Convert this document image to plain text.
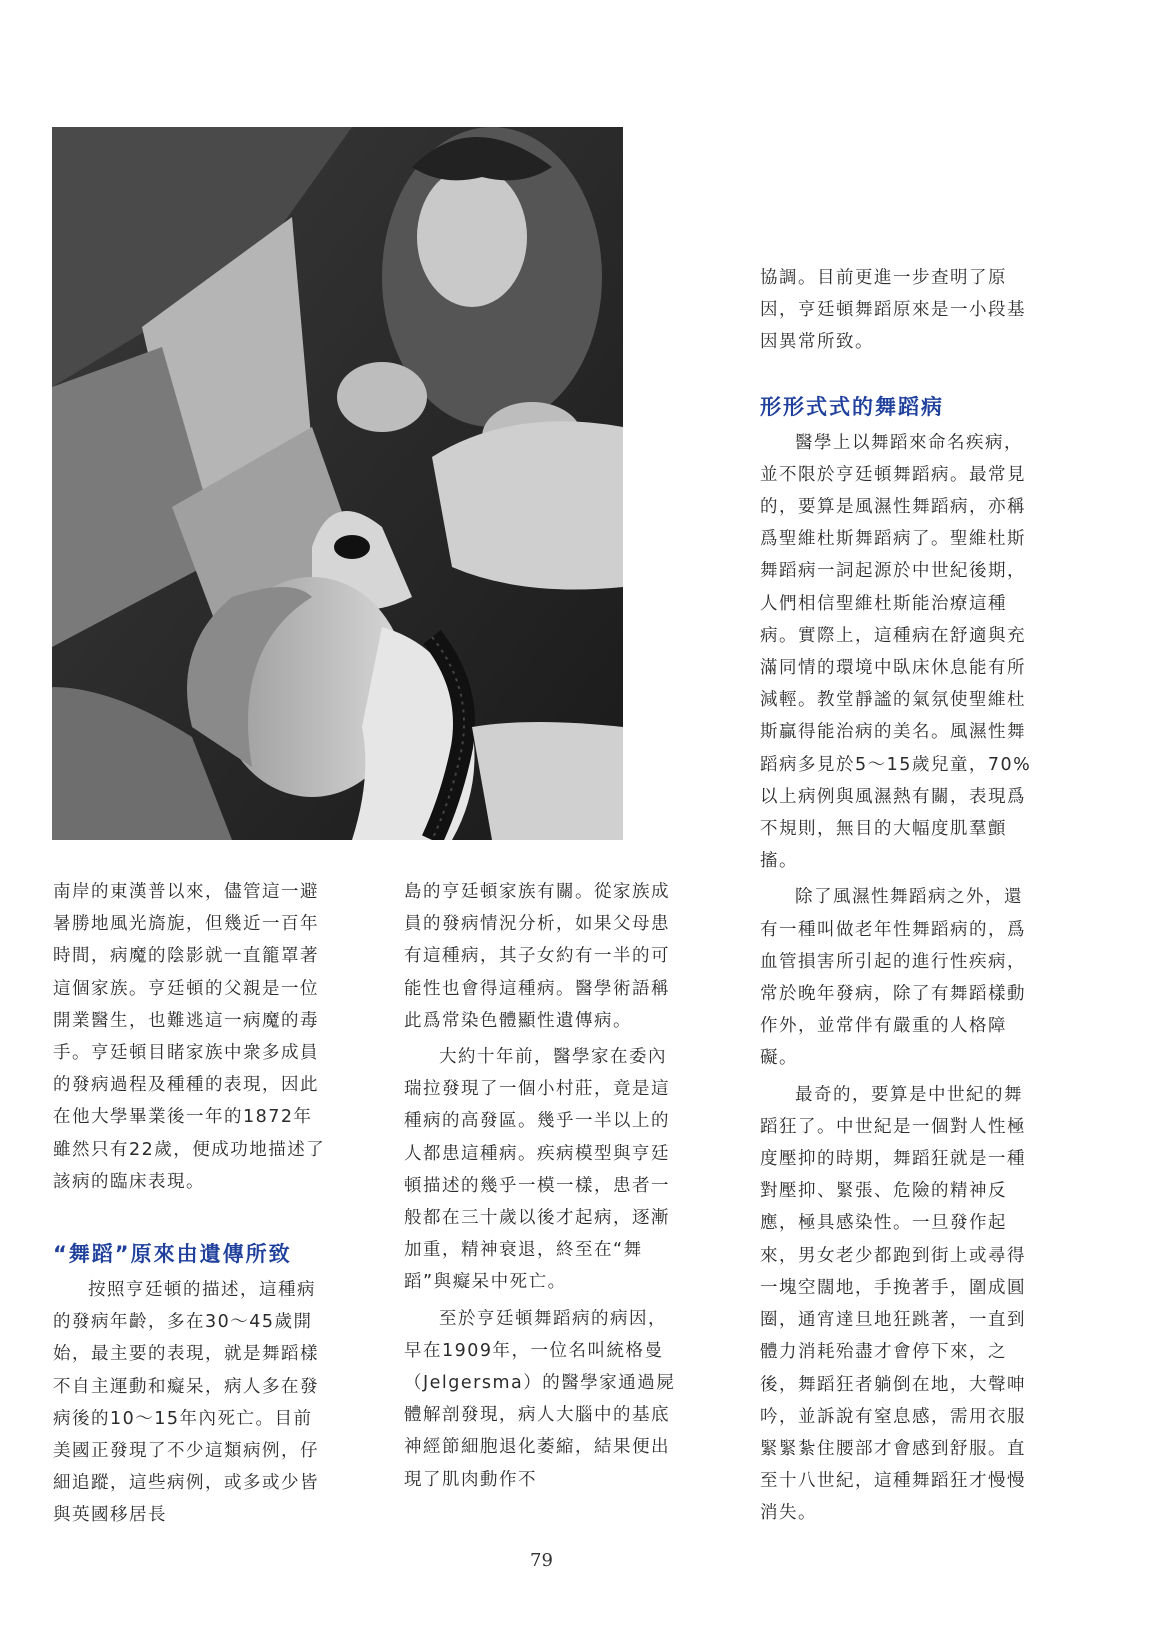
南岸的東漢普以來，儘管這一避暑勝地風光旖旎，但幾近一百年時間，病魔的陰影就一直籠罩著這個家族。亨廷頓的父親是一位開業醫生，也難逃這一病魔的毒手。亨廷頓目睹家族中衆多成員的發病過程及種種的表現，因此在他大學畢業後一年的1872年雖然只有22歲，便成功地描述了該病的臨床表現。

“舞蹈”原來由遺傳所致

按照亨廷頓的描述，這種病的發病年齡，多在30～45歲開始，最主要的表現，就是舞蹈樣不自主運動和癡呆，病人多在發病後的10～15年內死亡。目前美國正發現了不少這類病例，仔細追蹤，這些病例，或多或少皆與英國移居長

島的亨廷頓家族有關。從家族成員的發病情況分析，如果父母患有這種病，其子女約有一半的可能性也會得這種病。醫學術語稱此爲常染色體顯性遺傳病。

大約十年前，醫學家在委內瑞拉發現了一個小村莊，竟是這種病的高發區。幾乎一半以上的人都患這種病。疾病模型與亨廷頓描述的幾乎一模一樣，患者一般都在三十歲以後才起病，逐漸加重，精神衰退，終至在“舞蹈”與癡呆中死亡。

至於亨廷頓舞蹈病的病因，早在1909年，一位名叫統格曼（Jelgersma）的醫學家通過屍體解剖發現，病人大腦中的基底神經節細胞退化萎縮，結果便出現了肌肉動作不

協調。目前更進一步查明了原因，亨廷頓舞蹈原來是一小段基因異常所致。

形形式式的舞蹈病

醫學上以舞蹈來命名疾病，並不限於亨廷頓舞蹈病。最常見的，要算是風濕性舞蹈病，亦稱爲聖維杜斯舞蹈病了。聖維杜斯舞蹈病一詞起源於中世紀後期，人們相信聖維杜斯能治療這種病。實際上，這種病在舒適與充滿同情的環境中臥床休息能有所減輕。教堂靜謐的氣氛使聖維杜斯贏得能治病的美名。風濕性舞蹈病多見於5～15歲兒童，70%以上病例與風濕熱有關，表現爲不規則，無目的大幅度肌羣顫搐。

除了風濕性舞蹈病之外，還有一種叫做老年性舞蹈病的，爲血管損害所引起的進行性疾病，常於晚年發病，除了有舞蹈樣動作外，並常伴有嚴重的人格障礙。

最奇的，要算是中世紀的舞蹈狂了。中世紀是一個對人性極度壓抑的時期，舞蹈狂就是一種對壓抑、緊張、危險的精神反應，極具感染性。一旦發作起來，男女老少都跑到街上或尋得一塊空闊地，手挽著手，圍成圓圈，通宵達旦地狂跳著，一直到體力消耗殆盡才會停下來，之後，舞蹈狂者躺倒在地，大聲呻吟，並訴說有窒息感，需用衣服緊緊紮住腰部才會感到舒服。直至十八世紀，這種舞蹈狂才慢慢消失。

79
